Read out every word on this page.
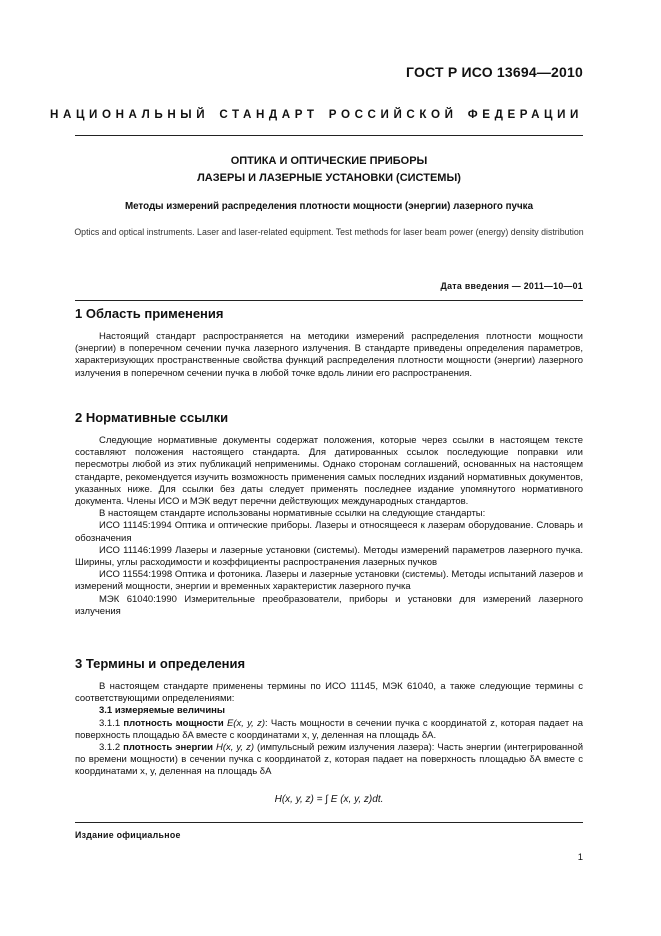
ГОСТ Р ИСО 13694—2010
НАЦИОНАЛЬНЫЙ СТАНДАРТ РОССИЙСКОЙ ФЕДЕРАЦИИ
ОПТИКА И ОПТИЧЕСКИЕ ПРИБОРЫ
ЛАЗЕРЫ И ЛАЗЕРНЫЕ УСТАНОВКИ (СИСТЕМЫ)
Методы измерений распределения плотности мощности (энергии) лазерного пучка
Optics and optical instruments. Laser and laser-related equipment. Test methods for laser beam power (energy) density distribution
Дата введения — 2011—10—01

1 Область применения

Настоящий стандарт распространяется на методики измерений распределения плотности мощности (энергии) в поперечном сечении пучка лазерного излучения. В стандарте приведены определения параметров, характеризующих пространственные свойства функций распределения плотности мощности (энергии) лазерного излучения в поперечном сечении пучка в любой точке вдоль линии его распространения.

2 Нормативные ссылки

Следующие нормативные документы содержат положения, которые через ссылки в настоящем тексте составляют положения настоящего стандарта. Для датированных ссылок последующие поправки или пересмотры любой из этих публикаций неприменимы. Однако сторонам соглашений, основанных на настоящем стандарте, рекомендуется изучить возможность применения самых последних изданий нормативных документов, указанных ниже. Для ссылки без даты следует применять последнее издание упомянутого нормативного документа. Члены ИСО и МЭК ведут перечни действующих международных стандартов.

В настоящем стандарте использованы нормативные ссылки на следующие стандарты:

ИСО 11145:1994 Оптика и оптические приборы. Лазеры и относящееся к лазерам оборудование. Словарь и обозначения

ИСО 11146:1999 Лазеры и лазерные установки (системы). Методы измерений параметров лазерного пучка. Ширины, углы расходимости и коэффициенты распространения лазерных пучков

ИСО 11554:1998 Оптика и фотоника. Лазеры и лазерные установки (системы). Методы испытаний лазеров и измерений мощности, энергии и временных характеристик лазерного пучка

МЭК 61040:1990 Измерительные преобразователи, приборы и установки для измерений лазерного излучения

3 Термины и определения

В настоящем стандарте применены термины по ИСО 11145, МЭК 61040, а также следующие термины с соответствующими определениями:

3.1 измеряемые величины

3.1.1 плотность мощности E(x, y, z): Часть мощности в сечении пучка с координатой z, которая падает на поверхность площадью δA вместе с координатами x, y, деленная на площадь δA.

3.1.2 плотность энергии H(x, y, z) (импульсный режим излучения лазера): Часть энергии (интегрированной по времени мощности) в сечении пучка с координатой z, которая падает на поверхность площадью δA вместе с координатами x, y, деленная на площадь δA

H(x, y, z) = ∫ E (x, y, z)dt.
Издание официальное
1
